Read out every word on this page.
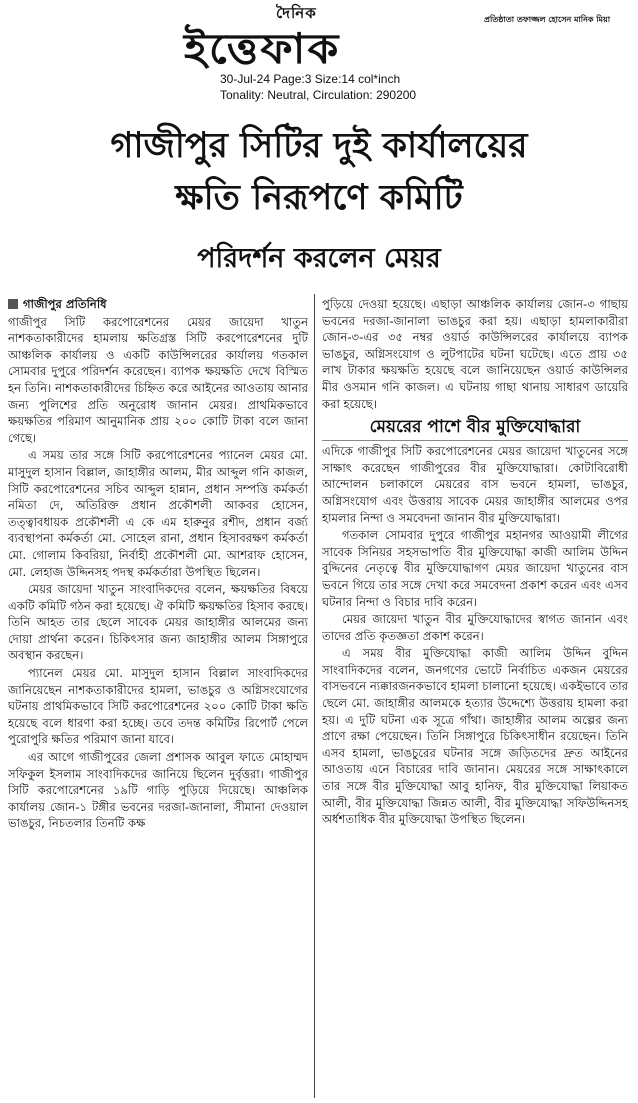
দৈনিক
ইত্তেফাক
প্রতিষ্ঠাতা তফাজ্জল হোসেন মানিক মিয়া
30-Jul-24 Page:3 Size:14 col*inch
Tonality: Neutral, Circulation: 290200
গাজীপুর সিটির দুই কার্যালয়ের
ক্ষতি নিরূপণে কমিটি
পরিদর্শন করলেন মেয়র
গাজীপুর প্রতিনিধি

গাজীপুর সিটি করপোরেশনের মেয়র জায়েদা খাতুন নাশকতাকারীদের হামলায় ক্ষতিগ্রস্ত সিটি করপোরেশনের দুটি আঞ্চলিক কার্যালয় ও একটি কাউন্সিলরের কার্যালয় গতকাল সোমবার দুপুরে পরিদর্শন করেছেন। ব্যাপক ক্ষয়ক্ষতি দেখে বিস্মিত হন তিনি। নাশকতাকারীদের চিহ্নিত করে আইনের আওতায় আনার জন্য পুলিশের প্রতি অনুরোধ জানান মেয়র। প্রাথমিকভাবে ক্ষয়ক্ষতির পরিমাণ আনুমানিক প্রায় ২০০ কোটি টাকা বলে জানা গেছে।

এ সময় তার সঙ্গে সিটি করপোরেশনের প্যানেল মেয়র মো. মাসুদুল হাসান বিল্লাল, জাহাঙ্গীর আলম, মীর আব্দুল গনি কাজল, সিটি করপোরেশনের সচিব আব্দুল হান্নান, প্রধান সম্পত্তি কর্মকর্তা নমিতা দে, অতিরিক্ত প্রধান প্রকৌশলী আকবর হোসেন, তত্ত্বাবধায়ক প্রকৌশলী এ কে এম হারুনুর রশীদ, প্রধান বর্জ্য ব্যবস্থাপনা কর্মকর্তা মো. সোহেল রানা, প্রধান হিসাবরক্ষণ কর্মকর্তা মো. গোলাম কিবরিয়া, নির্বাহী প্রকৌশলী মো. আশরাফ হোসেন, মো. লেহাজ উদ্দিনসহ পদস্থ কর্মকর্তারা উপস্থিত ছিলেন।

মেয়র জায়েদা খাতুন সাংবাদিকদের বলেন, ক্ষয়ক্ষতির বিষয়ে একটি কমিটি গঠন করা হয়েছে। ঐ কমিটি ক্ষয়ক্ষতির হিসাব করছে। তিনি আহত তার ছেলে সাবেক মেয়র জাহাঙ্গীর আলমের জন্য দোয়া প্রার্থনা করেন। চিকিৎসার জন্য জাহাঙ্গীর আলম সিঙ্গাপুরে অবস্থান করছেন।

প্যানেল মেয়র মো. মাসুদুল হাসান বিল্লাল সাংবাদিকদের জানিয়েছেন নাশকতাকারীদের হামলা, ভাঙচুর ও অগ্নিসংযোগের ঘটনায় প্রাথমিকভাবে সিটি করপোরেশনের ২০০ কোটি টাকা ক্ষতি হয়েছে বলে ধারণা করা হচ্ছে। তবে তদন্ত কমিটির রিপোর্ট পেলে পুরোপুরি ক্ষতির পরিমাণ জানা যাবে।

এর আগে গাজীপুরের জেলা প্রশাসক আবুল ফাতে মোহাম্মদ সফিকুল ইসলাম সাংবাদিকদের জানিয়ে ছিলেন দুর্বৃত্তরা। গাজীপুর সিটি করপোরেশনের ১৯টি গাড়ি পুড়িয়ে দিয়েছে। আঞ্চলিক কার্যালয় জোন-১ টঙ্গীর ভবনের দরজা-জানালা, সীমানা দেওয়াল ভাঙচুর, নিচতলার তিনটি কক্ষ

পুড়িয়ে দেওয়া হয়েছে। এছাড়া আঞ্চলিক কার্যালয় জোন-৩ গাছায় ভবনের দরজা-জানালা ভাঙচুর করা হয়। এছাড়া হামলাকারীরা জোন-৩-এর ৩৫ নম্বর ওয়ার্ড কাউন্সিলরের কার্যালয়ে ব্যাপক ভাঙচুর, অগ্নিসংযোগ ও লুটপাটের ঘটনা ঘটেছে। এতে প্রায় ৩৫ লাখ টাকার ক্ষয়ক্ষতি হয়েছে বলে জানিয়েছেন ওয়ার্ড কাউন্সিলর মীর ওসমান গনি কাজল। এ ঘটনায় গাছা থানায় সাধারণ ডায়েরি করা হয়েছে।

মেয়রের পাশে বীর মুক্তিযোদ্ধারা

এদিকে গাজীপুর সিটি করপোরেশনের মেয়র জায়েদা খাতুনের সঙ্গে সাক্ষাৎ করেছেন গাজীপুরের বীর মুক্তিযোদ্ধারা। কোটাবিরোধী আন্দোলন চলাকালে মেয়রের বাস ভবনে হামলা, ভাঙচুর, অগ্নিসংযোগ এবং উত্তরায় সাবেক মেয়র জাহাঙ্গীর আলমের ওপর হামলার নিন্দা ও সমবেদনা জানান বীর মুক্তিযোদ্ধারা।

গতকাল সোমবার দুপুরে গাজীপুর মহানগর আওয়ামী লীগের সাবেক সিনিয়র সহসভাপতি বীর মুক্তিযোদ্ধা কাজী আলিম উদ্দিন বুদ্দিনের নেতৃত্বে বীর মুক্তিযোদ্ধাগণ মেয়র জায়েদা খাতুনের বাস ভবনে গিয়ে তার সঙ্গে দেখা করে সমবেদনা প্রকাশ করেন এবং এসব ঘটনার নিন্দা ও বিচার দাবি করেন।

মেয়র জায়েদা খাতুন বীর মুক্তিযোদ্ধাদের স্বাগত জানান এবং তাদের প্রতি কৃতজ্ঞতা প্রকাশ করেন।

এ সময় বীর মুক্তিযোদ্ধা কাজী আলিম উদ্দিন বুদ্দিন সাংবাদিকদের বলেন, জনগণের ভোটে নির্বাচিত একজন মেয়রের বাসভবনে ন্যক্কারজনকভাবে হামলা চালানো হয়েছে। একইভাবে তার ছেলে মো. জাহাঙ্গীর আলমকে হত্যার উদ্দেশ্যে উত্তরায় হামলা করা হয়। এ দুটি ঘটনা এক সূত্রে গাঁথা। জাহাঙ্গীর আলম অল্পের জন্য প্রাণে রক্ষা পেয়েছেন। তিনি সিঙ্গাপুরে চিকিৎসাধীন রয়েছেন। তিনি এসব হামলা, ভাঙচুরের ঘটনার সঙ্গে জড়িতদের দ্রুত আইনের আওতায় এনে বিচারের দাবি জানান। মেয়রের সঙ্গে সাক্ষাৎকালে তার সঙ্গে বীর মুক্তিযোদ্ধা আবু হানিফ, বীর মুক্তিযোদ্ধা লিয়াকত আলী, বীর মুক্তিযোদ্ধা জিন্নত আলী, বীর মুক্তিযোদ্ধা সফিউদ্দিনসহ অর্ধশতাধিক বীর মুক্তিযোদ্ধা উপস্থিত ছিলেন।
